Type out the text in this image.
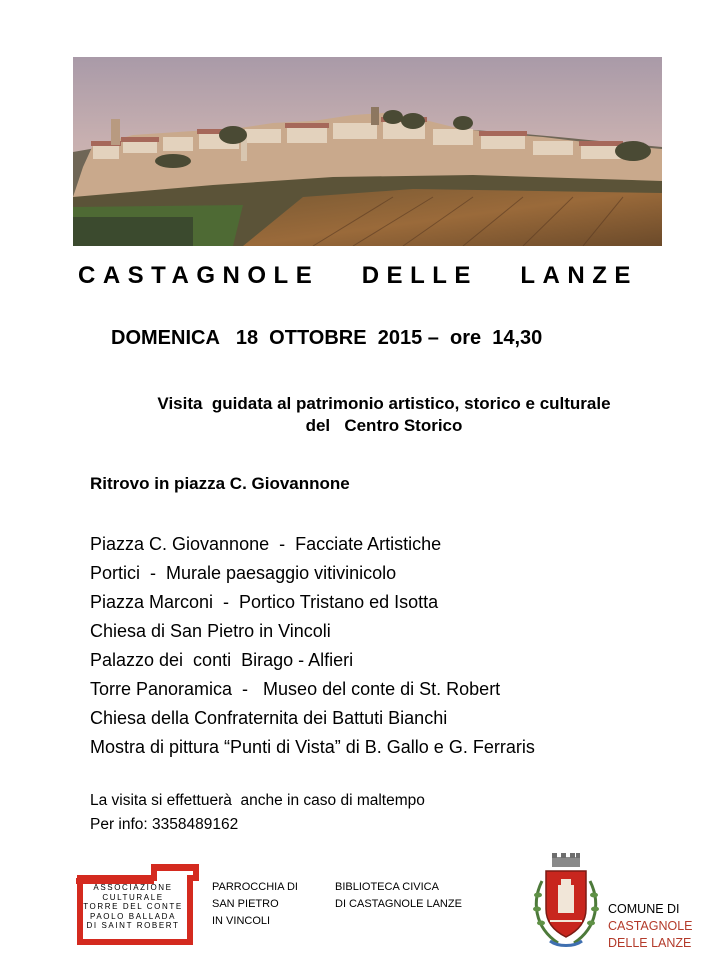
CASTAGNOLE   DELLE   LANZE
DOMENICA   18  OTTOBRE  2015 –  ore  14,30
Visita  guidata al patrimonio artistico, storico e culturale
del   Centro Storico
Ritrovo in piazza C. Giovannone
Piazza C. Giovannone  -  Facciate Artistiche
Portici  -  Murale paesaggio vitivinicolo
Piazza Marconi  -  Portico Tristano ed Isotta
Chiesa di San Pietro in Vincoli
Palazzo dei  conti  Birago - Alfieri
Torre Panoramica  -   Museo del conte di St. Robert
Chiesa della Confraternita dei Battuti Bianchi
Mostra di pittura “Punti di Vista” di B. Gallo e G. Ferraris
La visita si effettuerà  anche in caso di maltempo
Per info: 3358489162
ASSOCIAZIONE
CULTURALE
TORRE DEL CONTE
PAOLO BALLADA
DI SAINT ROBERT
PARROCCHIA DI
SAN PIETRO
IN VINCOLI
BIBLIOTECA CIVICA
DI CASTAGNOLE LANZE	COMUNE DI
CASTAGNOLE
DELLE LANZE
